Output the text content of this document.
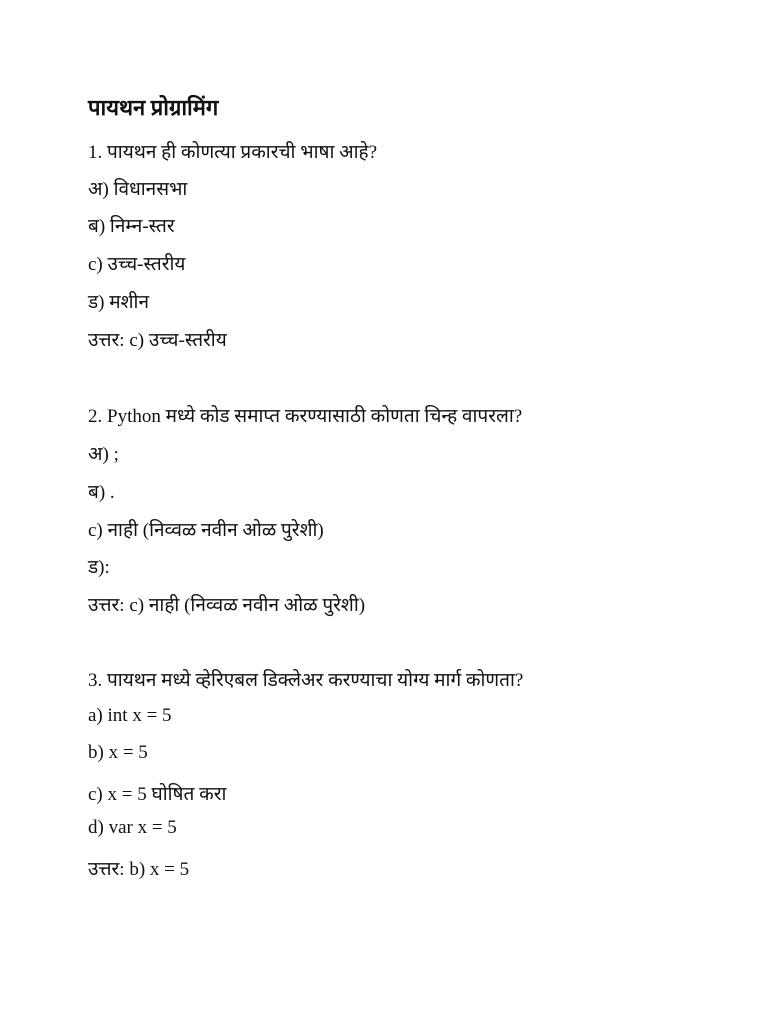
पायथन प्रोग्रामिंग
1. पायथन ही कोणत्या प्रकारची भाषा आहे?
अ) विधानसभा
ब) निम्न-स्तर
c) उच्च-स्तरीय
ड) मशीन
उत्तर: c) उच्च-स्तरीय
2. Python मध्ये कोड समाप्त करण्यासाठी कोणता चिन्ह वापरला?
अ) ;
ब) .
c) नाही (निव्वळ नवीन ओळ पुरेशी)
ड):
उत्तर: c) नाही (निव्वळ नवीन ओळ पुरेशी)
3. पायथन मध्ये व्हेरिएबल डिक्लेअर करण्याचा योग्य मार्ग कोणता?
a) int x = 5
b) x = 5
c) x = 5 घोषित करा
d) var x = 5
उत्तर: b) x = 5
